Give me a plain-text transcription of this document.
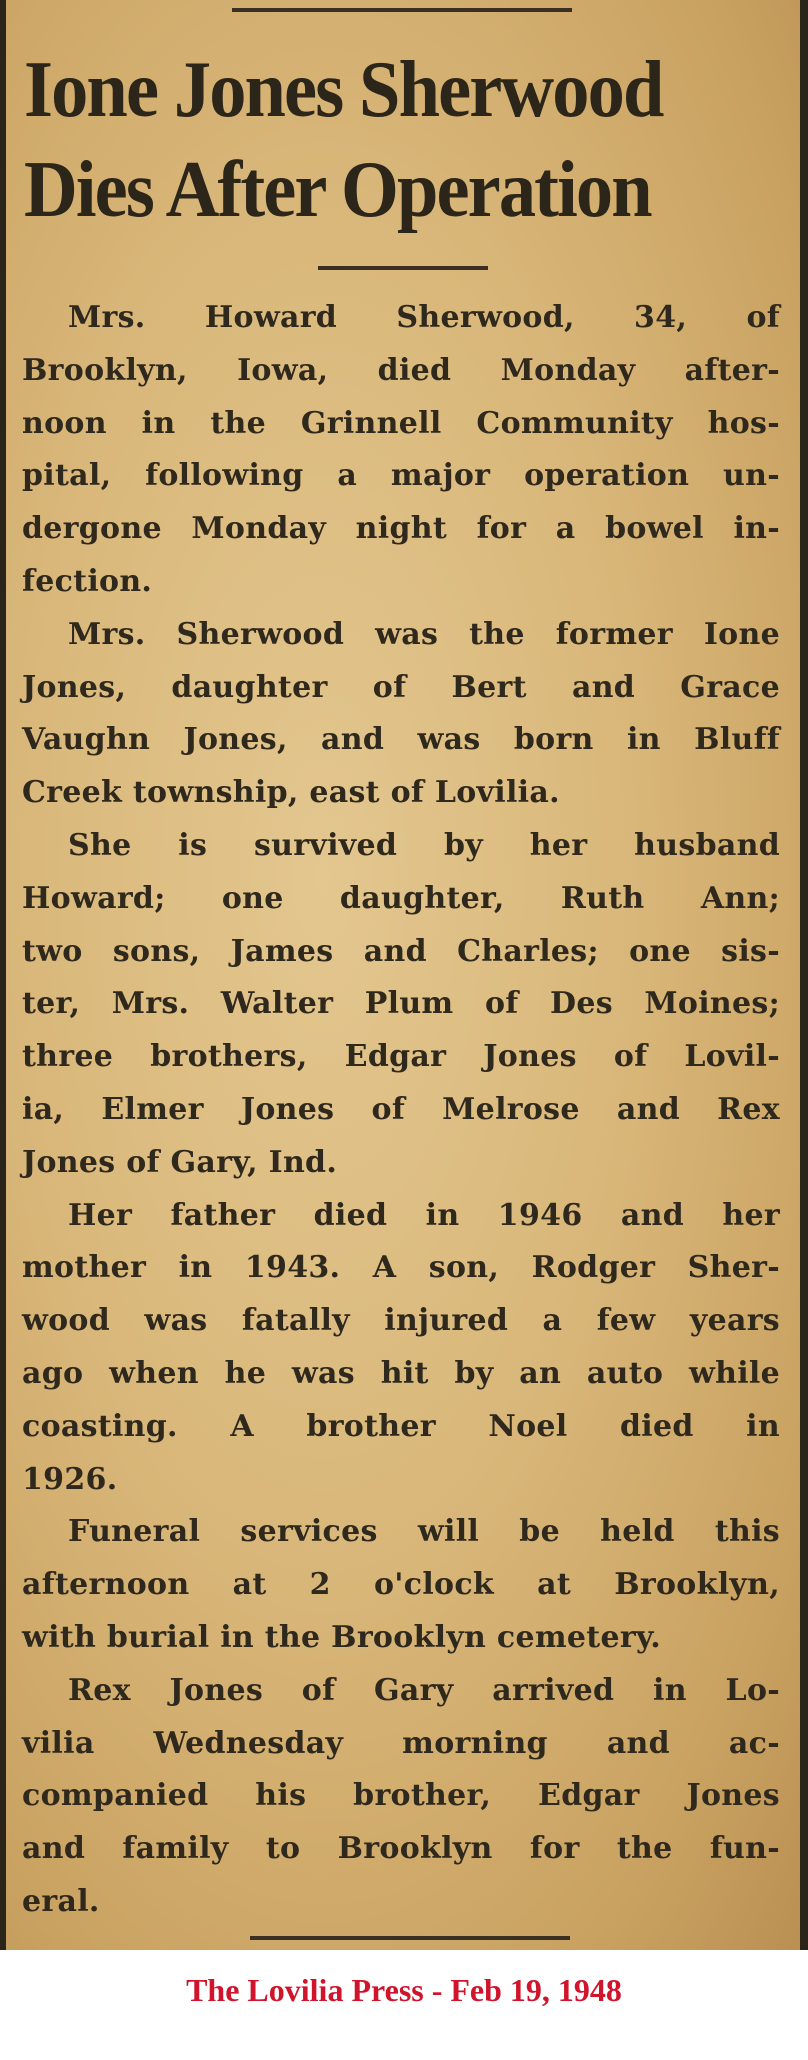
Ione Jones Sherwood
Dies After Operation

Mrs. Howard Sherwood, 34, of
Brooklyn, Iowa, died Monday after-
noon in the Grinnell Community hos-
pital, following a major operation un-
dergone Monday night for a bowel in-
fection.

Mrs. Sherwood was the former Ione
Jones, daughter of Bert and Grace
Vaughn Jones, and was born in Bluff
Creek township, east of Lovilia.

She is survived by her husband
Howard; one daughter, Ruth Ann;
two sons, James and Charles; one sis-
ter, Mrs. Walter Plum of Des Moines;
three brothers, Edgar Jones of Lovil-
ia, Elmer Jones of Melrose and Rex
Jones of Gary, Ind.

Her father died in 1946 and her
mother in 1943. A son, Rodger Sher-
wood was fatally injured a few years
ago when he was hit by an auto while
coasting. A brother Noel died in
1926.

Funeral services will be held this
afternoon at 2 o'clock at Brooklyn,
with burial in the Brooklyn cemetery.

Rex Jones of Gary arrived in Lo-
vilia Wednesday morning and ac-
companied his brother, Edgar Jones
and family to Brooklyn for the fun-
eral.

The Lovilia Press - Feb 19, 1948
